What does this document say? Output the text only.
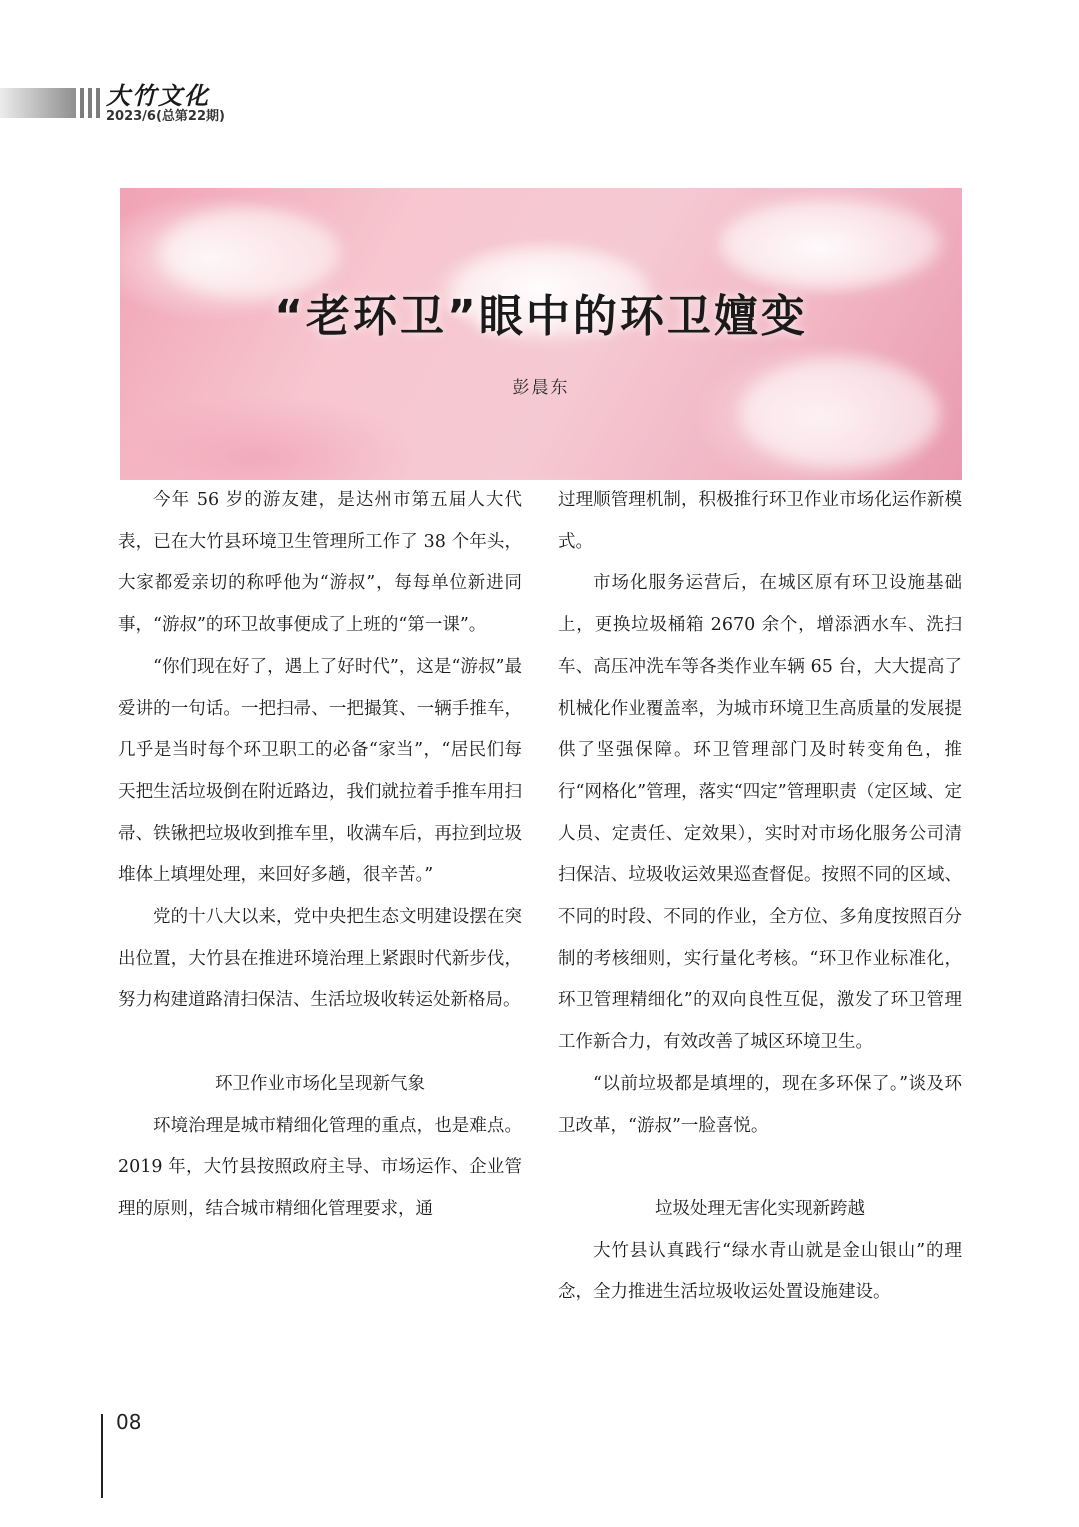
大竹文化
2023/6(总第22期)
“老环卫”眼中的环卫嬗变
彭晨东

今年 56 岁的游友建，是达州市第五届人大代表，已在大竹县环境卫生管理所工作了 38 个年头，大家都爱亲切的称呼他为“游叔”，每每单位新进同事，“游叔”的环卫故事便成了上班的“第一课”。

“你们现在好了，遇上了好时代”，这是“游叔”最爱讲的一句话。一把扫帚、一把撮箕、一辆手推车，几乎是当时每个环卫职工的必备“家当”，“居民们每天把生活垃圾倒在附近路边，我们就拉着手推车用扫帚、铁锹把垃圾收到推车里，收满车后，再拉到垃圾堆体上填埋处理，来回好多趟，很辛苦。”

党的十八大以来，党中央把生态文明建设摆在突出位置，大竹县在推进环境治理上紧跟时代新步伐，努力构建道路清扫保洁、生活垃圾收转运处新格局。

环卫作业市场化呈现新气象

环境治理是城市精细化管理的重点，也是难点。2019 年，大竹县按照政府主导、市场运作、企业管理的原则，结合城市精细化管理要求，通

过理顺管理机制，积极推行环卫作业市场化运作新模式。

市场化服务运营后，在城区原有环卫设施基础上，更换垃圾桶箱 2670 余个，增添洒水车、洗扫车、高压冲洗车等各类作业车辆 65 台，大大提高了机械化作业覆盖率，为城市环境卫生高质量的发展提供了坚强保障。环卫管理部门及时转变角色，推行“网格化”管理，落实“四定”管理职责（定区域、定人员、定责任、定效果），实时对市场化服务公司清扫保洁、垃圾收运效果巡查督促。按照不同的区域、不同的时段、不同的作业，全方位、多角度按照百分制的考核细则，实行量化考核。“环卫作业标准化，环卫管理精细化”的双向良性互促，激发了环卫管理工作新合力，有效改善了城区环境卫生。

“以前垃圾都是填埋的，现在多环保了。”谈及环卫改革，“游叔”一脸喜悦。

垃圾处理无害化实现新跨越

大竹县认真践行“绿水青山就是金山银山”的理念，全力推进生活垃圾收运处置设施建设。

08
